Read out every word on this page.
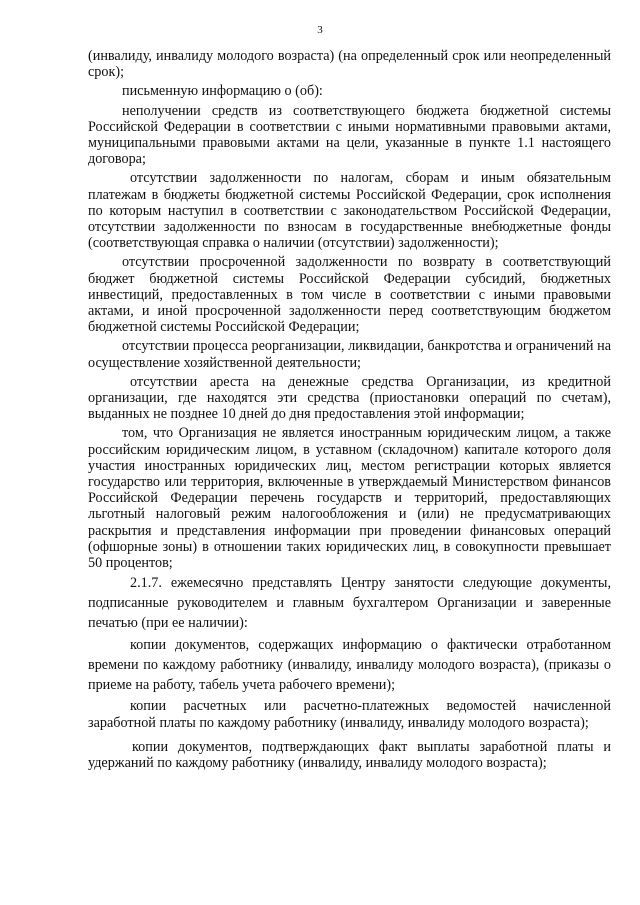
3

(инвалиду, инвалиду молодого возраста) (на определенный срок или неопределенный срок);

письменную информацию о (об):

неполучении средств из соответствующего бюджета бюджетной системы Российской Федерации в соответствии с иными нормативными правовыми актами, муниципальными правовыми актами на цели, указанные в пункте 1.1 настоящего договора;

отсутствии задолженности по налогам, сборам и иным обязательным платежам в бюджеты бюджетной системы Российской Федерации, срок исполнения по которым наступил в соответствии с законодательством Российской Федерации, отсутствии задолженности по взносам в государственные внебюджетные фонды (соответствующая справка о наличии (отсутствии) задолженности);

отсутствии просроченной задолженности по возврату в соответствующий бюджет бюджетной системы Российской Федерации субсидий, бюджетных инвестиций, предоставленных в том числе в соответствии с иными правовыми актами, и иной просроченной задолженности перед соответствующим бюджетом бюджетной системы Российской Федерации;

отсутствии процесса реорганизации, ликвидации, банкротства и ограничений на осуществление хозяйственной деятельности;

отсутствии ареста на денежные средства Организации, из кредитной организации, где находятся эти средства (приостановки операций по счетам), выданных не позднее 10 дней до дня предоставления этой информации;

том, что Организация не является иностранным юридическим лицом, а также российским юридическим лицом, в уставном (складочном) капитале которого доля участия иностранных юридических лиц, местом регистрации которых является государство или территория, включенные в утверждаемый Министерством финансов Российской Федерации перечень государств и территорий, предоставляющих льготный налоговый режим налогообложения и (или) не предусматривающих раскрытия и представления информации при проведении финансовых операций (офшорные зоны) в отношении таких юридических лиц, в совокупности превышает 50 процентов;

2.1.7. ежемесячно представлять Центру занятости следующие документы, подписанные руководителем и главным бухгалтером Организации и заверенные печатью (при ее наличии):

копии документов, содержащих информацию о фактически отработанном времени по каждому работнику (инвалиду, инвалиду молодого возраста), (приказы о приеме на работу, табель учета рабочего времени);

копии расчетных или расчетно-платежных ведомостей начисленной заработной платы по каждому работнику (инвалиду, инвалиду молодого возраста);

копии документов, подтверждающих факт выплаты заработной платы и удержаний по каждому работнику (инвалиду, инвалиду молодого возраста);
